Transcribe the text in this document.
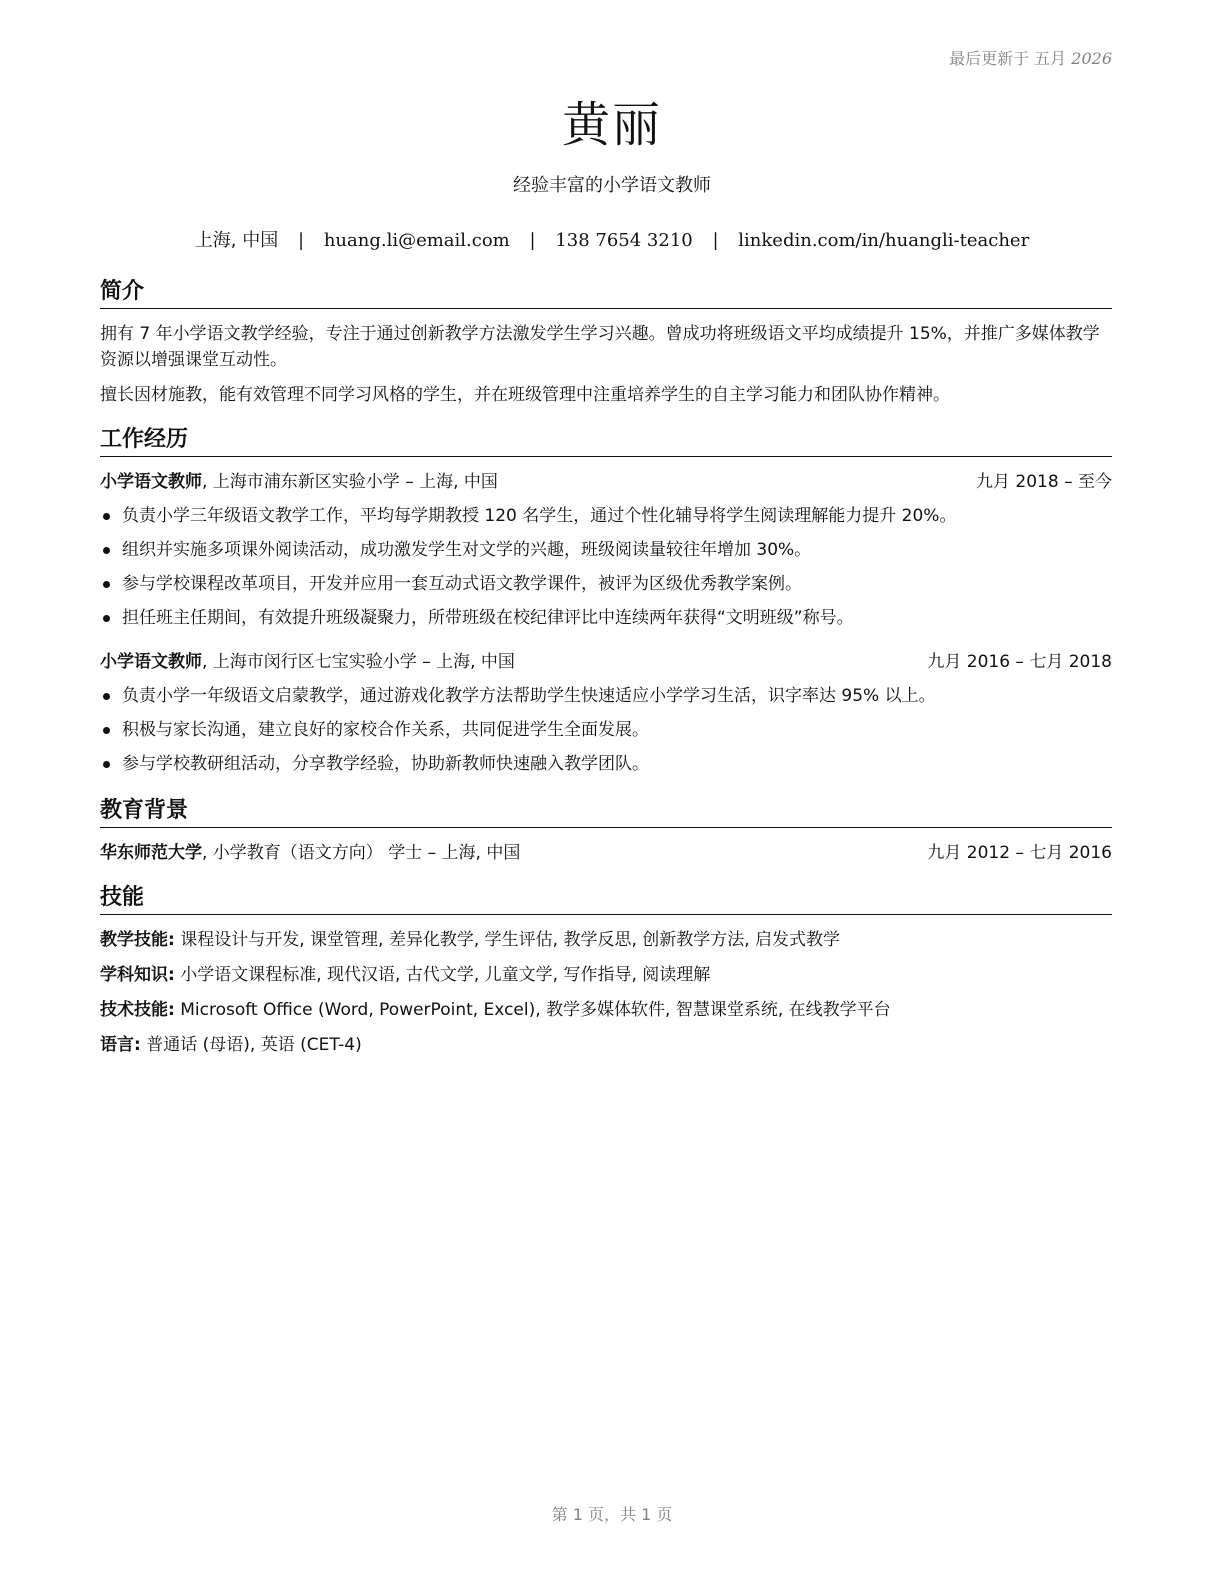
最后更新于 五月 2026
黄丽
经验丰富的小学语文教师
上海, 中国 | huang.li@email.com | 138 7654 3210 | linkedin.com/in/huangli-teacher
简介

拥有 7 年小学语文教学经验，专注于通过创新教学方法激发学生学习兴趣。曾成功将班级语文平均成绩提升 15%，并推广多媒体教学资源以增强课堂互动性。

擅长因材施教，能有效管理不同学习风格的学生，并在班级管理中注重培养学生的自主学习能力和团队协作精神。

工作经历
小学语文教师, 上海市浦东新区实验小学 – 上海, 中国	九月 2018 – 至今
负责小学三年级语文教学工作，平均每学期教授 120 名学生，通过个性化辅导将学生阅读理解能力提升 20%。
组织并实施多项课外阅读活动，成功激发学生对文学的兴趣，班级阅读量较往年增加 30%。
参与学校课程改革项目，开发并应用一套互动式语文教学课件，被评为区级优秀教学案例。
担任班主任期间，有效提升班级凝聚力，所带班级在校纪律评比中连续两年获得“文明班级”称号。
小学语文教师, 上海市闵行区七宝实验小学 – 上海, 中国	九月 2016 – 七月 2018
负责小学一年级语文启蒙教学，通过游戏化教学方法帮助学生快速适应小学学习生活，识字率达 95% 以上。
积极与家长沟通，建立良好的家校合作关系，共同促进学生全面发展。
参与学校教研组活动，分享教学经验，协助新教师快速融入教学团队。
教育背景
华东师范大学, 小学教育（语文方向） 学士 – 上海, 中国	九月 2012 – 七月 2016
技能
教学技能: 课程设计与开发, 课堂管理, 差异化教学, 学生评估, 教学反思, 创新教学方法, 启发式教学
学科知识: 小学语文课程标准, 现代汉语, 古代文学, 儿童文学, 写作指导, 阅读理解
技术技能: Microsoft Office (Word, PowerPoint, Excel), 教学多媒体软件, 智慧课堂系统, 在线教学平台
语言: 普通话 (母语), 英语 (CET-4)
第 1 页，共 1 页
